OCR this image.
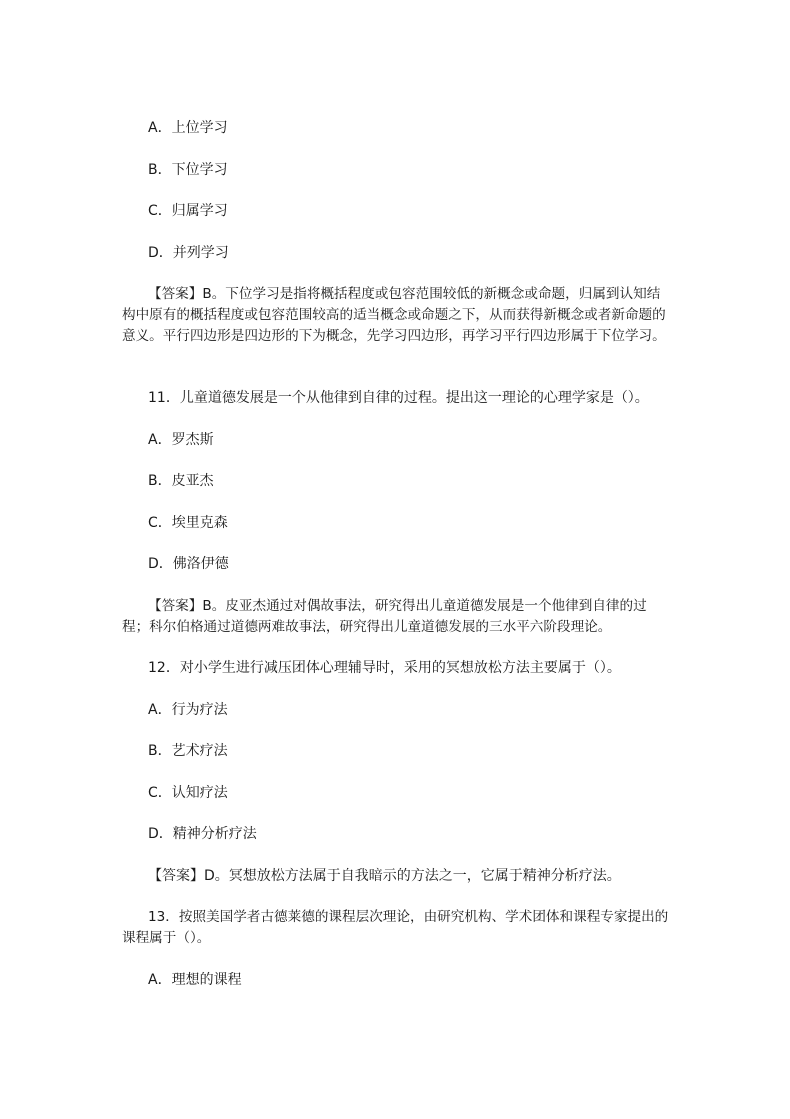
A．上位学习
B．下位学习
C．归属学习
D．并列学习
【答案】B。下位学习是指将概括程度或包容范围较低的新概念或命题，归属到认知结构中原有的概括程度或包容范围较高的适当概念或命题之下，从而获得新概念或者新命题的意义。平行四边形是四边形的下为概念，先学习四边形，再学习平行四边形属于下位学习。
11．儿童道德发展是一个从他律到自律的过程。提出这一理论的心理学家是（）。
A．罗杰斯
B．皮亚杰
C．埃里克森
D．佛洛伊德
【答案】B。皮亚杰通过对偶故事法，研究得出儿童道德发展是一个他律到自律的过程；科尔伯格通过道德两难故事法，研究得出儿童道德发展的三水平六阶段理论。
12．对小学生进行减压团体心理辅导时，采用的冥想放松方法主要属于（）。
A．行为疗法
B．艺术疗法
C．认知疗法
D．精神分析疗法
【答案】D。冥想放松方法属于自我暗示的方法之一，它属于精神分析疗法。
13．按照美国学者古德莱德的课程层次理论，由研究机构、学术团体和课程专家提出的课程属于（）。
A．理想的课程
